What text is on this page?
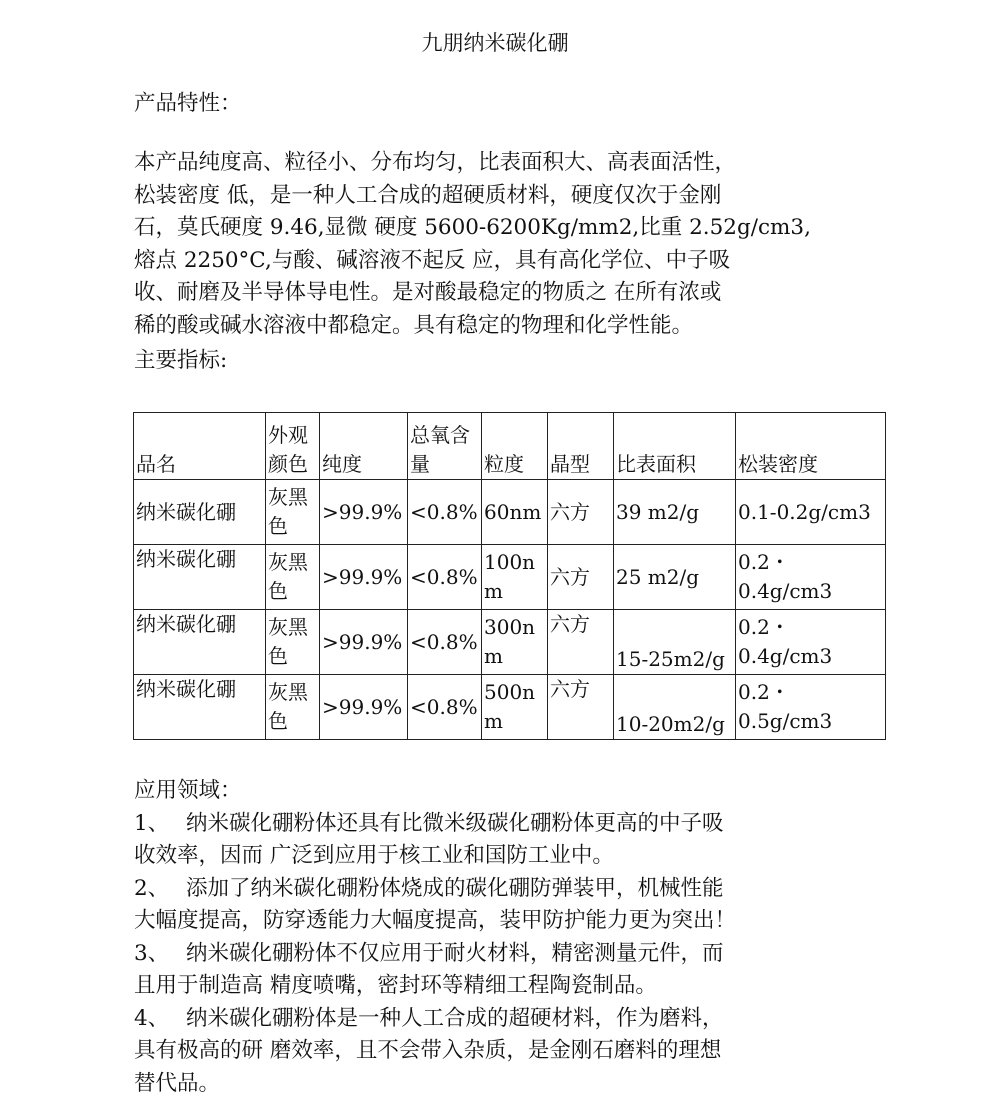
九朋纳米碳化硼
产品特性：

本产品纯度高、粒径小、分布均匀，比表面积大、高表面活性，

松装密度 低，是一种人工合成的超硬质材料，硬度仅次于金刚

石，莫氏硬度 9.46,显微 硬度 5600-6200Kg/mm2,比重 2.52g/cm3,

熔点 2250°C,与酸、碱溶液不起反 应，具有高化学位、中子吸

收、耐磨及半导体导电性。是对酸最稳定的物质之 在所有浓或

稀的酸或碱水溶液中都稳定。具有稳定的物理和化学性能。

主要指标:
品名	外观颜色	纯度	总氧含量	粒度	晶型	比表面积	松装密度
纳米碳化硼	灰黑色	>99.9%	<0.8%	60nm	六方	39 m2/g	0.1-0.2g/cm3
纳米碳化硼	灰黑色	>99.9%	<0.8%	100nm	六方	25 m2/g	0.2・0.4g/cm3
纳米碳化硼	灰黑色	>99.9%	<0.8%	300nm	六方	15-25m2/g	0.2・0.4g/cm3
纳米碳化硼	灰黑色	>99.9%	<0.8%	500nm	六方	10-20m2/g	0.2・0.5g/cm3

应用领域：

1、 纳米碳化硼粉体还具有比微米级碳化硼粉体更高的中子吸

收效率，因而 广泛到应用于核工业和国防工业中。

2、 添加了纳米碳化硼粉体烧成的碳化硼防弹装甲，机械性能

大幅度提高，防穿透能力大幅度提高，装甲防护能力更为突出！

3、 纳米碳化硼粉体不仅应用于耐火材料，精密测量元件，而

且用于制造高 精度喷嘴，密封环等精细工程陶瓷制品。

4、 纳米碳化硼粉体是一种人工合成的超硬材料，作为磨料，

具有极高的研 磨效率，且不会带入杂质，是金刚石磨料的理想

替代品。
